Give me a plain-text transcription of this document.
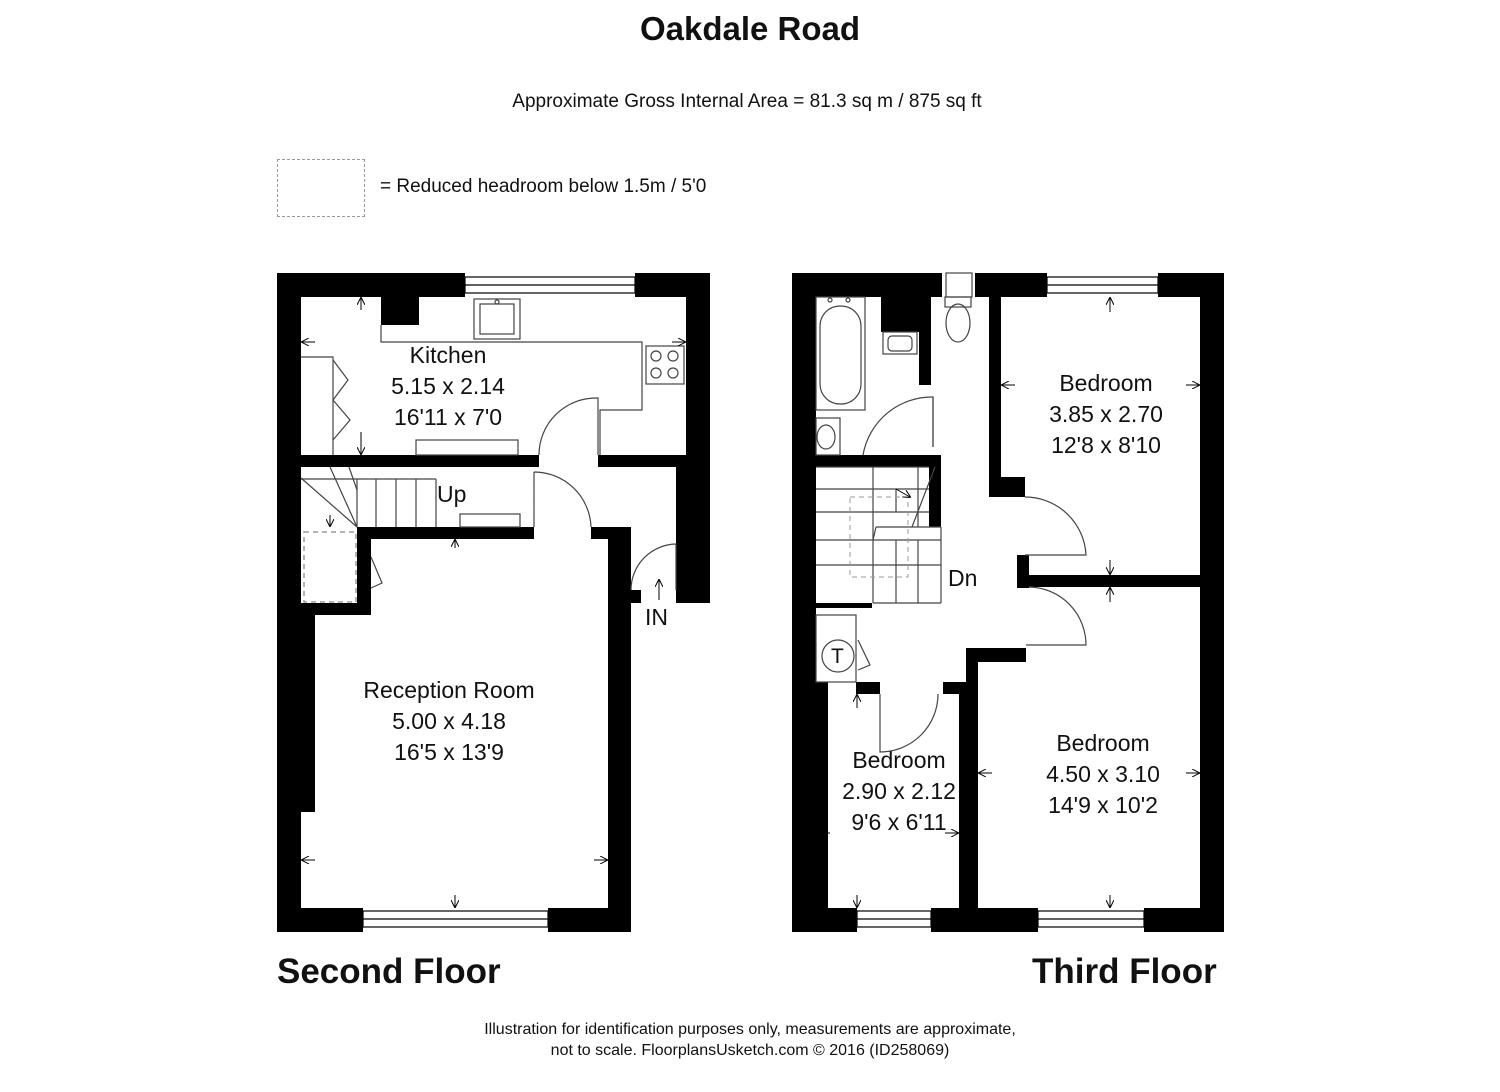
Oakdale Road
Approximate Gross Internal Area = 81.3 sq m / 875 sq ft
= Reduced headroom below 1.5m / 5'0
Kitchen
5.15 x 2.14
16'11 x 7'0
Up
IN
Reception Room
5.00 x 4.18
16'5 x 13'9
Bedroom
3.85 x 2.70
12'8 x 8'10
Dn
T
Bedroom
2.90 x 2.12
9'6 x 6'11
Bedroom
4.50 x 3.10
14'9 x 10'2
Second Floor	Third Floor
Illustration for identification purposes only, measurements are approximate,
not to scale. FloorplansUsketch.com © 2016 (ID258069)
